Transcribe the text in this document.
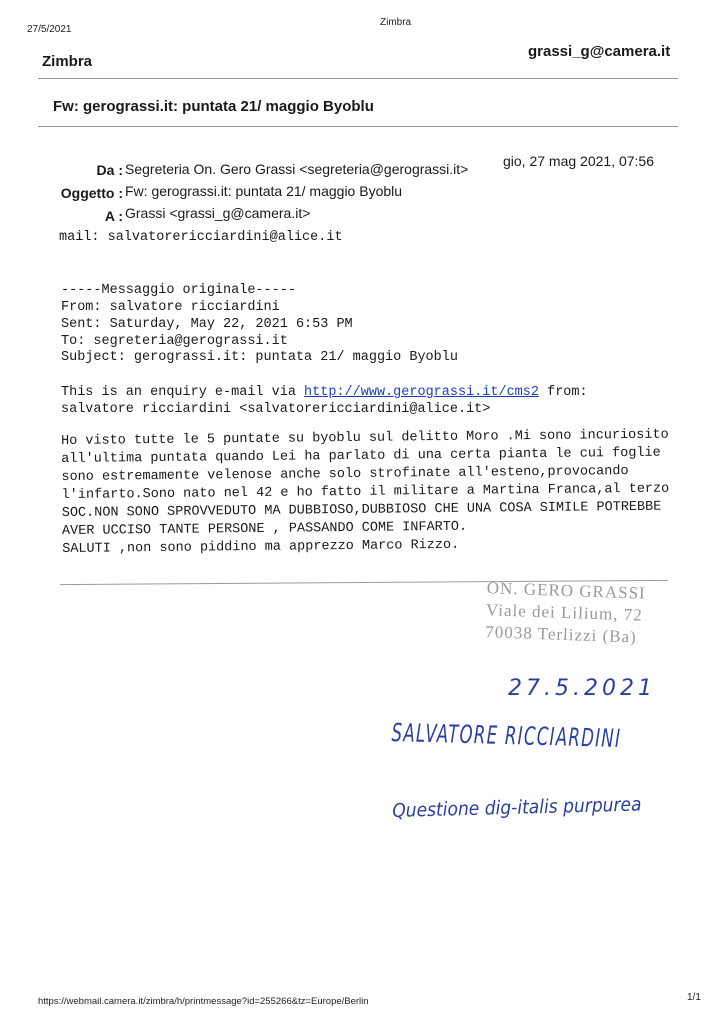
27/5/2021
Zimbra
Zimbra
grassi_g@camera.it
Fw: gerograssi.it: puntata 21/ maggio Byoblu
Da : Segreteria On. Gero Grassi <segreteria@gerograssi.it> gio, 27 mag 2021, 07:56
Oggetto : Fw: gerograssi.it: puntata 21/ maggio Byoblu
A : Grassi <grassi_g@camera.it>
mail: salvatorericciardini@alice.it
-----Messaggio originale-----
From: salvatore ricciardini
Sent: Saturday, May 22, 2021 6:53 PM
To: segreteria@gerograssi.it
Subject: gerograssi.it: puntata 21/ maggio Byoblu
This is an enquiry e-mail via http://www.gerograssi.it/cms2 from:
salvatore ricciardini <salvatorericciardini@alice.it>
Ho visto tutte le 5 puntate su byoblu sul delitto Moro .Mi sono incuriosito
all'ultima puntata quando Lei ha parlato di una certa pianta le cui foglie
sono estremamente velenose anche solo strofinate all'esteno,provocando
l'infarto.Sono nato nel 42 e ho fatto il militare a Martina Franca,al terzo
SOC.NON SONO SPROVVEDUTO MA DUBBIOSO,DUBBIOSO CHE UNA COSA SIMILE POTREBBE
AVER UCCISO TANTE PERSONE , PASSANDO COME INFARTO.
SALUTI ,non sono piddino ma apprezzo Marco Rizzo.
ON. GERO GRASSI
Viale dei Lilium, 72
70038 Terlizzi (Ba)
27.5.2021
SALVATORE RICCIARDINI
Questione dig-italis purpurea
https://webmail.camera.it/zimbra/h/printmessage?id=255266&tz=Europe/Berlin	1/1
